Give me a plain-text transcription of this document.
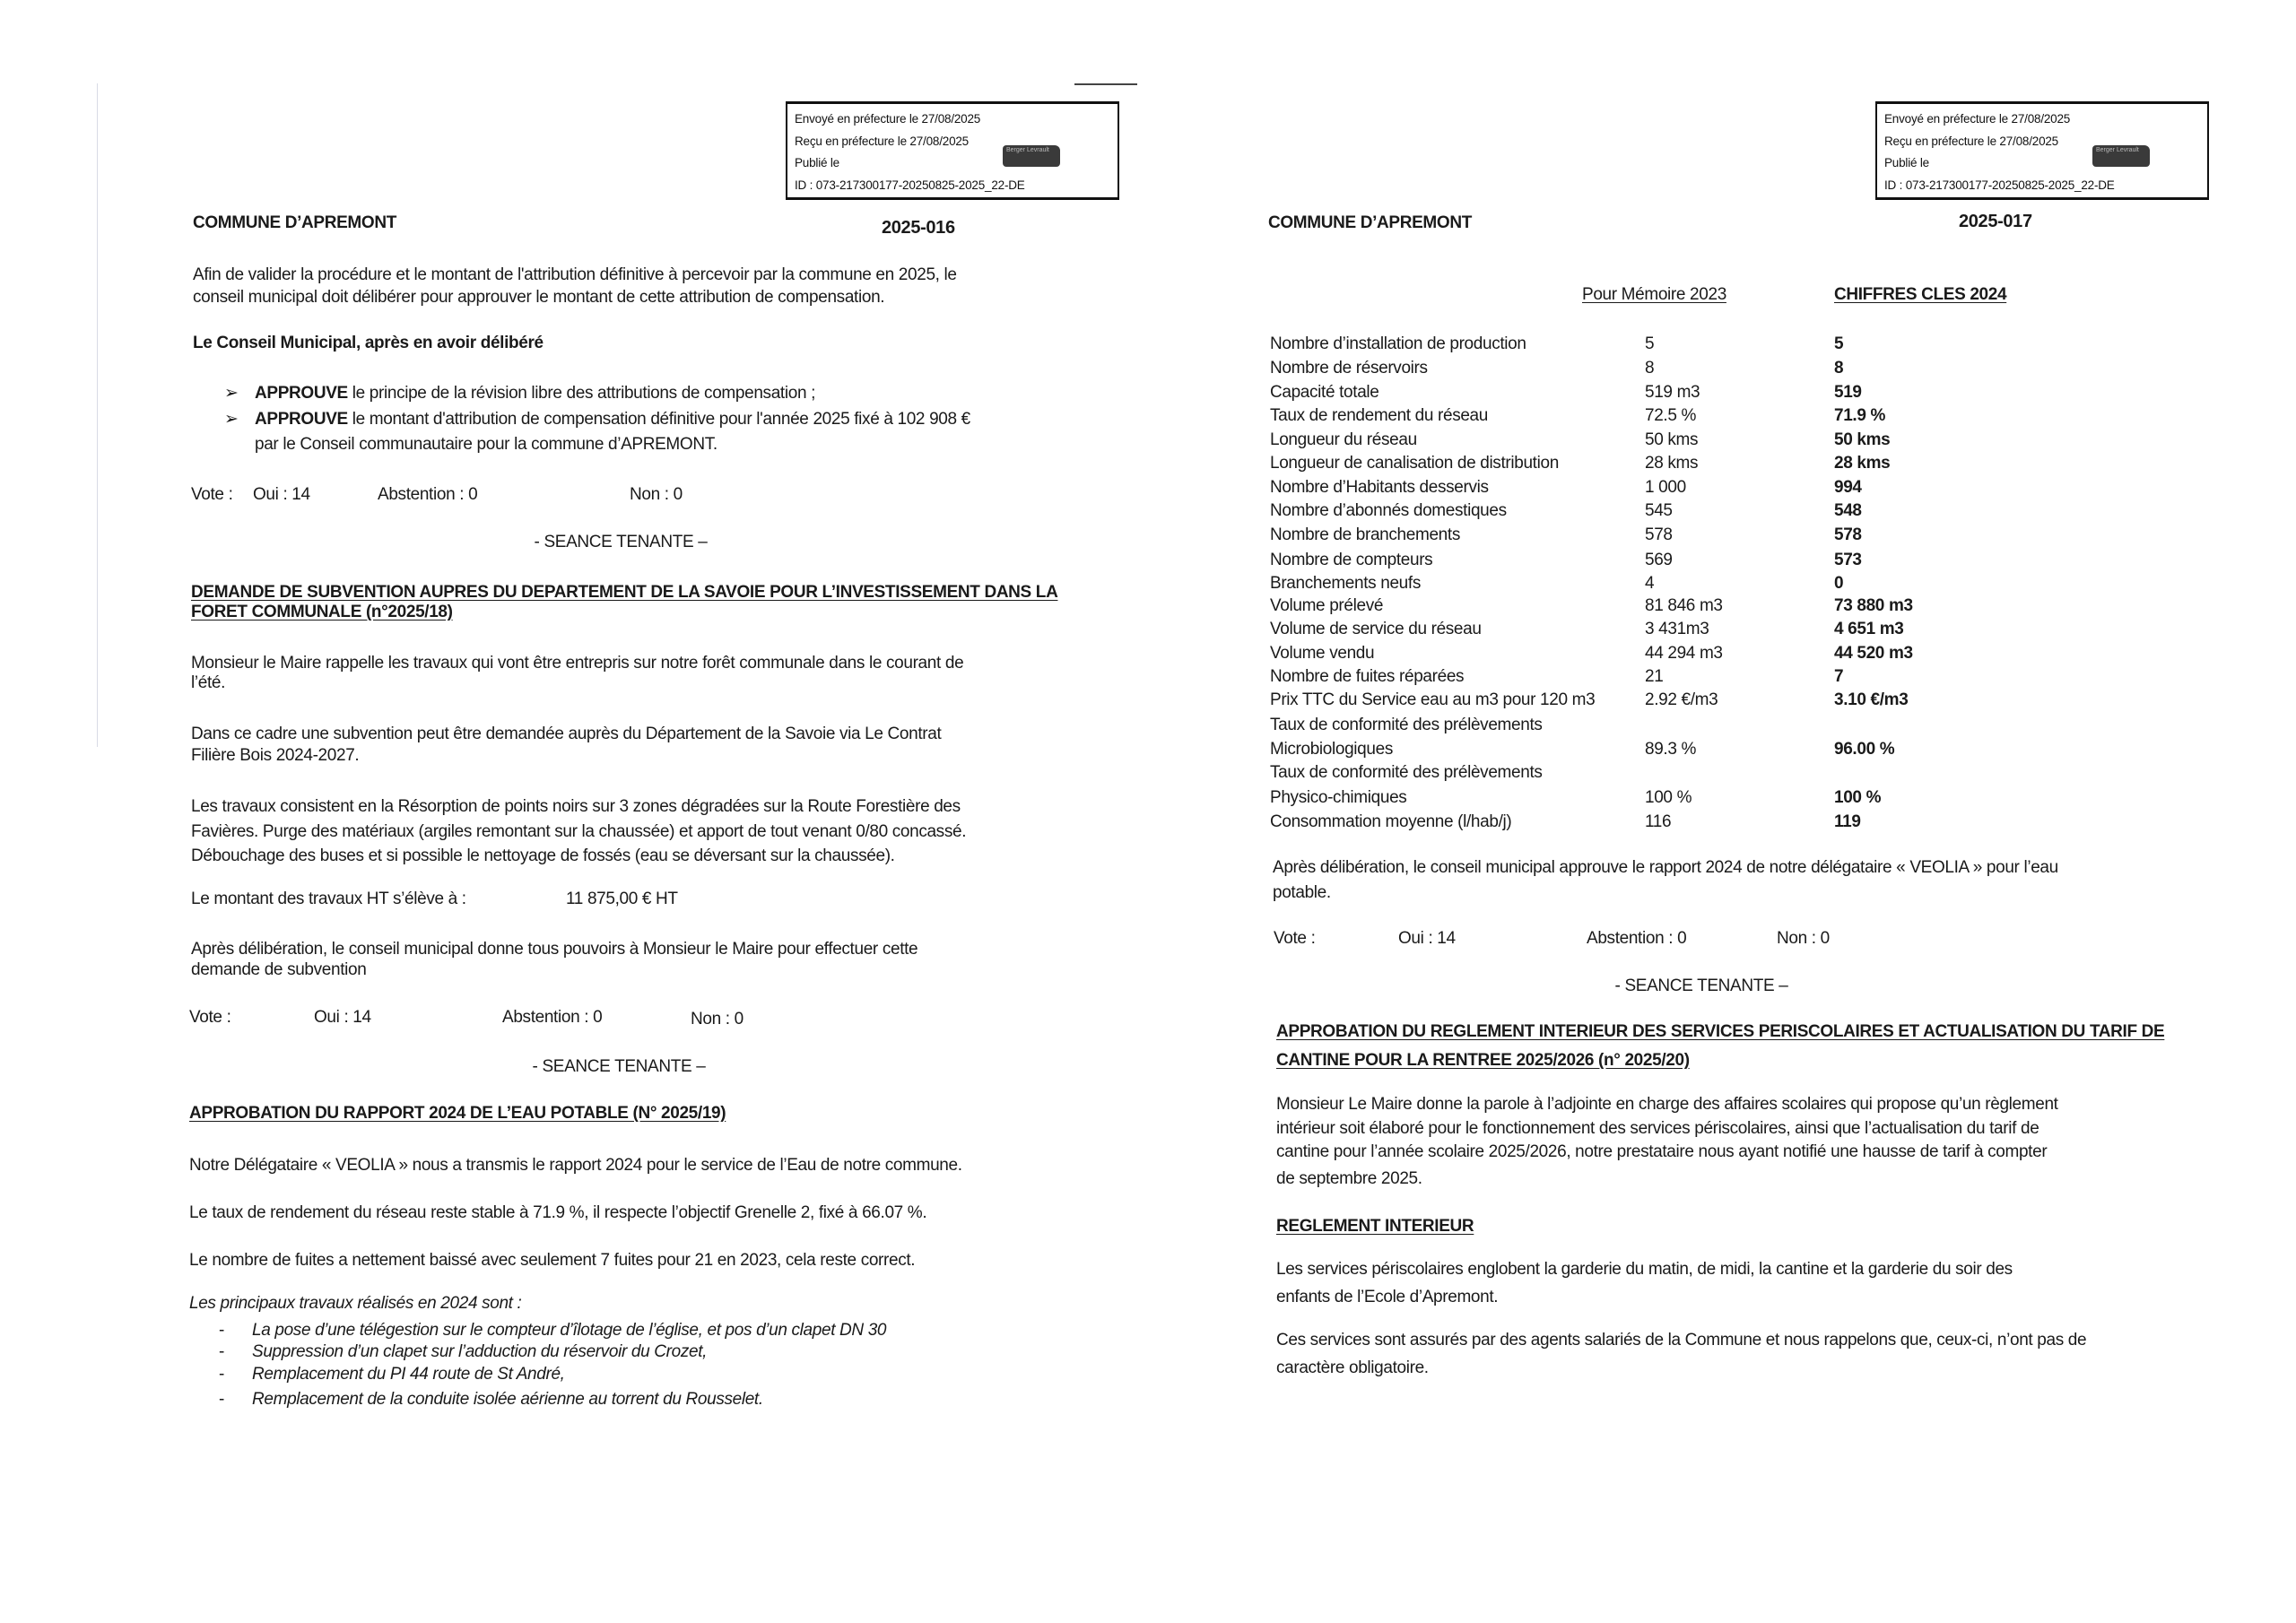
Envoyé en préfecture le 27/08/2025
Reçu en préfecture le 27/08/2025
Publié le
ID : 073-217300177-20250825-2025_22-DE
Berger Levrault
COMMUNE D’APREMONT	2025-016
Afin de valider la procédure et le montant de l'attribution définitive à percevoir par la commune en 2025, le
conseil municipal doit délibérer pour approuver le montant de cette attribution de compensation.
Le Conseil Municipal, après en avoir délibéré
➢ APPROUVE le principe de la révision libre des attributions de compensation ;
➢ APPROUVE le montant d'attribution de compensation définitive pour l'année 2025 fixé à 102 908 €
par le Conseil communautaire pour la commune d’APREMONT.
Vote : Oui : 14	Abstention : 0	Non : 0
- SEANCE TENANTE –
DEMANDE DE SUBVENTION AUPRES DU DEPARTEMENT DE LA SAVOIE POUR L’INVESTISSEMENT DANS LA
FORET COMMUNALE (n°2025/18)
Monsieur le Maire rappelle les travaux qui vont être entrepris sur notre forêt communale dans le courant de
l’été.
Dans ce cadre une subvention peut être demandée auprès du Département de la Savoie via Le Contrat
Filière Bois 2024-2027.
Les travaux consistent en la Résorption de points noirs sur 3 zones dégradées sur la Route Forestière des
Favières. Purge des matériaux (argiles remontant sur la chaussée) et apport de tout venant 0/80 concassé.
Débouchage des buses et si possible le nettoyage de fossés (eau se déversant sur la chaussée).
Le montant des travaux HT s’élève à :	11 875,00 € HT
Après délibération, le conseil municipal donne tous pouvoirs à Monsieur le Maire pour effectuer cette
demande de subvention
Vote :	Oui : 14	Abstention : 0	Non : 0
- SEANCE TENANTE –
APPROBATION DU RAPPORT 2024 DE L’EAU POTABLE (N° 2025/19)
Notre Délégataire « VEOLIA » nous a transmis le rapport 2024 pour le service de l’Eau de notre commune.
Le taux de rendement du réseau reste stable à 71.9 %, il respecte l’objectif Grenelle 2, fixé à 66.07 %.
Le nombre de fuites a nettement baissé avec seulement 7 fuites pour 21 en 2023, cela reste correct.
Les principaux travaux réalisés en 2024 sont :
- La pose d’une télégestion sur le compteur d’îlotage de l’église, et pos d’un clapet DN 30
- Suppression d’un clapet sur l’adduction du réservoir du Crozet,
- Remplacement du PI 44 route de St André,
- Remplacement de la conduite isolée aérienne au torrent du Rousselet.
Envoyé en préfecture le 27/08/2025
Reçu en préfecture le 27/08/2025
Publié le
ID : 073-217300177-20250825-2025_22-DE
Berger Levrault
COMMUNE D’APREMONT	2025-017
Pour Mémoire 2023	CHIFFRES CLES 2024
Nombre d’installation de production	5	5
Nombre de réservoirs	8	8
Capacité totale	519 m3	519
Taux de rendement du réseau	72.5 %	71.9 %
Longueur du réseau	50 kms	50 kms
Longueur de canalisation de distribution	28 kms	28 kms
Nombre d’Habitants desservis	1 000	994
Nombre d’abonnés domestiques	545	548
Nombre de branchements	578	578
Nombre de compteurs	569	573
Branchements neufs	4	0
Volume prélevé	81 846 m3	73 880 m3
Volume de service du réseau	3 431m3	4 651 m3
Volume vendu	44 294 m3	44 520 m3
Nombre de fuites réparées	21	7
Prix TTC du Service eau au m3 pour 120 m3	2.92 €/m3	3.10 €/m3
Taux de conformité des prélèvements
Microbiologiques	89.3 %	96.00 %
Taux de conformité des prélèvements
Physico-chimiques	100 %	100 %
Consommation moyenne (l/hab/j)	116	119
Après délibération, le conseil municipal approuve le rapport 2024 de notre délégataire « VEOLIA » pour l’eau
potable.
Vote :	Oui : 14	Abstention : 0	Non : 0
- SEANCE TENANTE –
APPROBATION DU REGLEMENT INTERIEUR DES SERVICES PERISCOLAIRES ET ACTUALISATION DU TARIF DE
CANTINE POUR LA RENTREE 2025/2026 (n° 2025/20)
Monsieur Le Maire donne la parole à l’adjointe en charge des affaires scolaires qui propose qu’un règlement
intérieur soit élaboré pour le fonctionnement des services périscolaires, ainsi que l’actualisation du tarif de
cantine pour l’année scolaire 2025/2026, notre prestataire nous ayant notifié une hausse de tarif à compter
de septembre 2025.
REGLEMENT INTERIEUR
Les services périscolaires englobent la garderie du matin, de midi, la cantine et la garderie du soir des
enfants de l’Ecole d’Apremont.
Ces services sont assurés par des agents salariés de la Commune et nous rappelons que, ceux-ci, n’ont pas de
caractère obligatoire.
